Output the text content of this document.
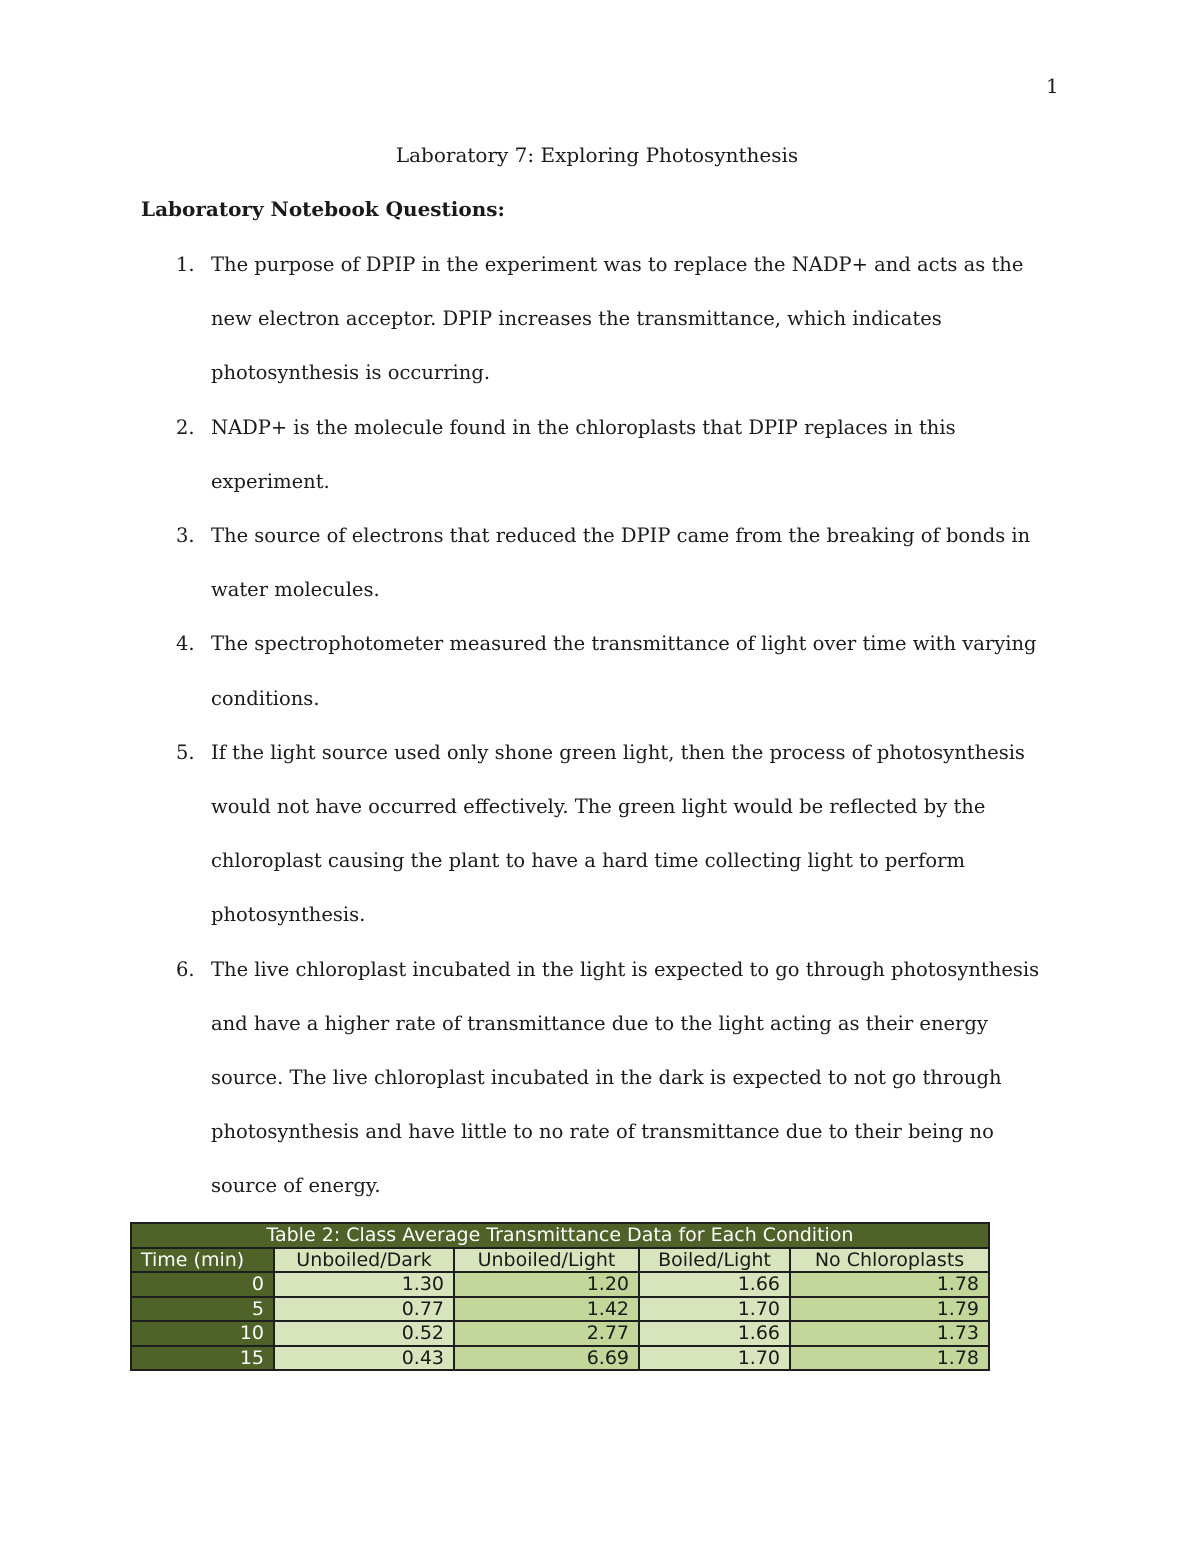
1
Laboratory 7: Exploring Photosynthesis
Laboratory Notebook Questions:
1. The purpose of DPIP in the experiment was to replace the NADP+ and acts as the new electron acceptor. DPIP increases the transmittance, which indicates photosynthesis is occurring.
2. NADP+ is the molecule found in the chloroplasts that DPIP replaces in this experiment.
3. The source of electrons that reduced the DPIP came from the breaking of bonds in water molecules.
4. The spectrophotometer measured the transmittance of light over time with varying conditions.
5. If the light source used only shone green light, then the process of photosynthesis would not have occurred effectively. The green light would be reflected by the chloroplast causing the plant to have a hard time collecting light to perform photosynthesis.
6. The live chloroplast incubated in the light is expected to go through photosynthesis and have a higher rate of transmittance due to the light acting as their energy source. The live chloroplast incubated in the dark is expected to not go through photosynthesis and have little to no rate of transmittance due to their being no source of energy.
Table 2: Class Average Transmittance Data for Each Condition				
Time (min)	Unboiled/Dark	Unboiled/Light	Boiled/Light	No Chloroplasts
0	1.30	1.20	1.66	1.78
5	0.77	1.42	1.70	1.79
10	0.52	2.77	1.66	1.73
15	0.43	6.69	1.70	1.78
